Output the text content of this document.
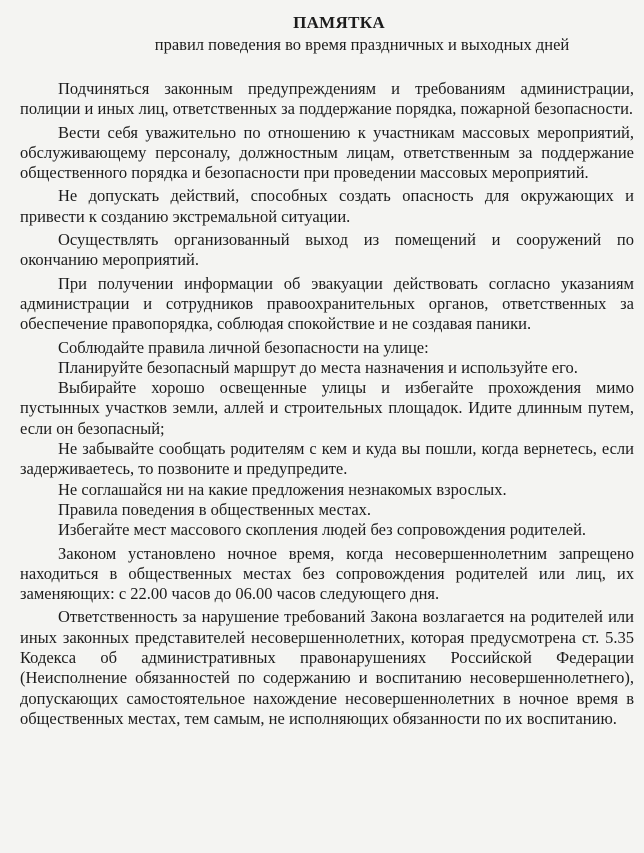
ПАМЯТКА

правил поведения во время праздничных и выходных дней

Подчиняться законным предупреждениям и требованиям администрации, полиции и иных лиц, ответственных за поддержание порядка, пожарной безопасности.

Вести себя уважительно по отношению к участникам массовых мероприятий, обслуживающему персоналу, должностным лицам, ответственным за поддержание общественного порядка и безопасности при проведении массовых мероприятий.

Не допускать действий, способных создать опасность для окружающих и привести к созданию экстремальной ситуации.

Осуществлять организованный выход из помещений и сооружений по окончанию мероприятий.

При получении информации об эвакуации действовать согласно указаниям администрации и сотрудников правоохранительных органов, ответственных за обеспечение правопорядка, соблюдая спокойствие и не создавая паники.

Соблюдайте правила личной безопасности на улице:

Планируйте безопасный маршрут до места назначения и используйте его.

Выбирайте хорошо освещенные улицы и избегайте прохождения мимо пустынных участков земли, аллей и строительных площадок. Идите длинным путем, если он безопасный;

Не забывайте сообщать родителям с кем и куда вы пошли, когда вернетесь, если задерживаетесь, то позвоните и предупредите.

Не соглашайся ни на какие предложения незнакомых взрослых.

Правила поведения в общественных местах.

Избегайте мест массового скопления людей без сопровождения родителей.

Законом установлено ночное время, когда несовершеннолетним запрещено находиться в общественных местах без сопровождения родителей или лиц, их заменяющих: с 22.00 часов до 06.00 часов следующего дня.

Ответственность за нарушение требований Закона возлагается на родителей или иных законных представителей несовершеннолетних, которая предусмотрена ст. 5.35 Кодекса об административных правонарушениях Российской Федерации (Неисполнение обязанностей по содержанию и воспитанию несовершеннолетнего), допускающих самостоятельное нахождение несовершеннолетних в ночное время в общественных местах, тем самым, не исполняющих обязанности по их воспитанию.
